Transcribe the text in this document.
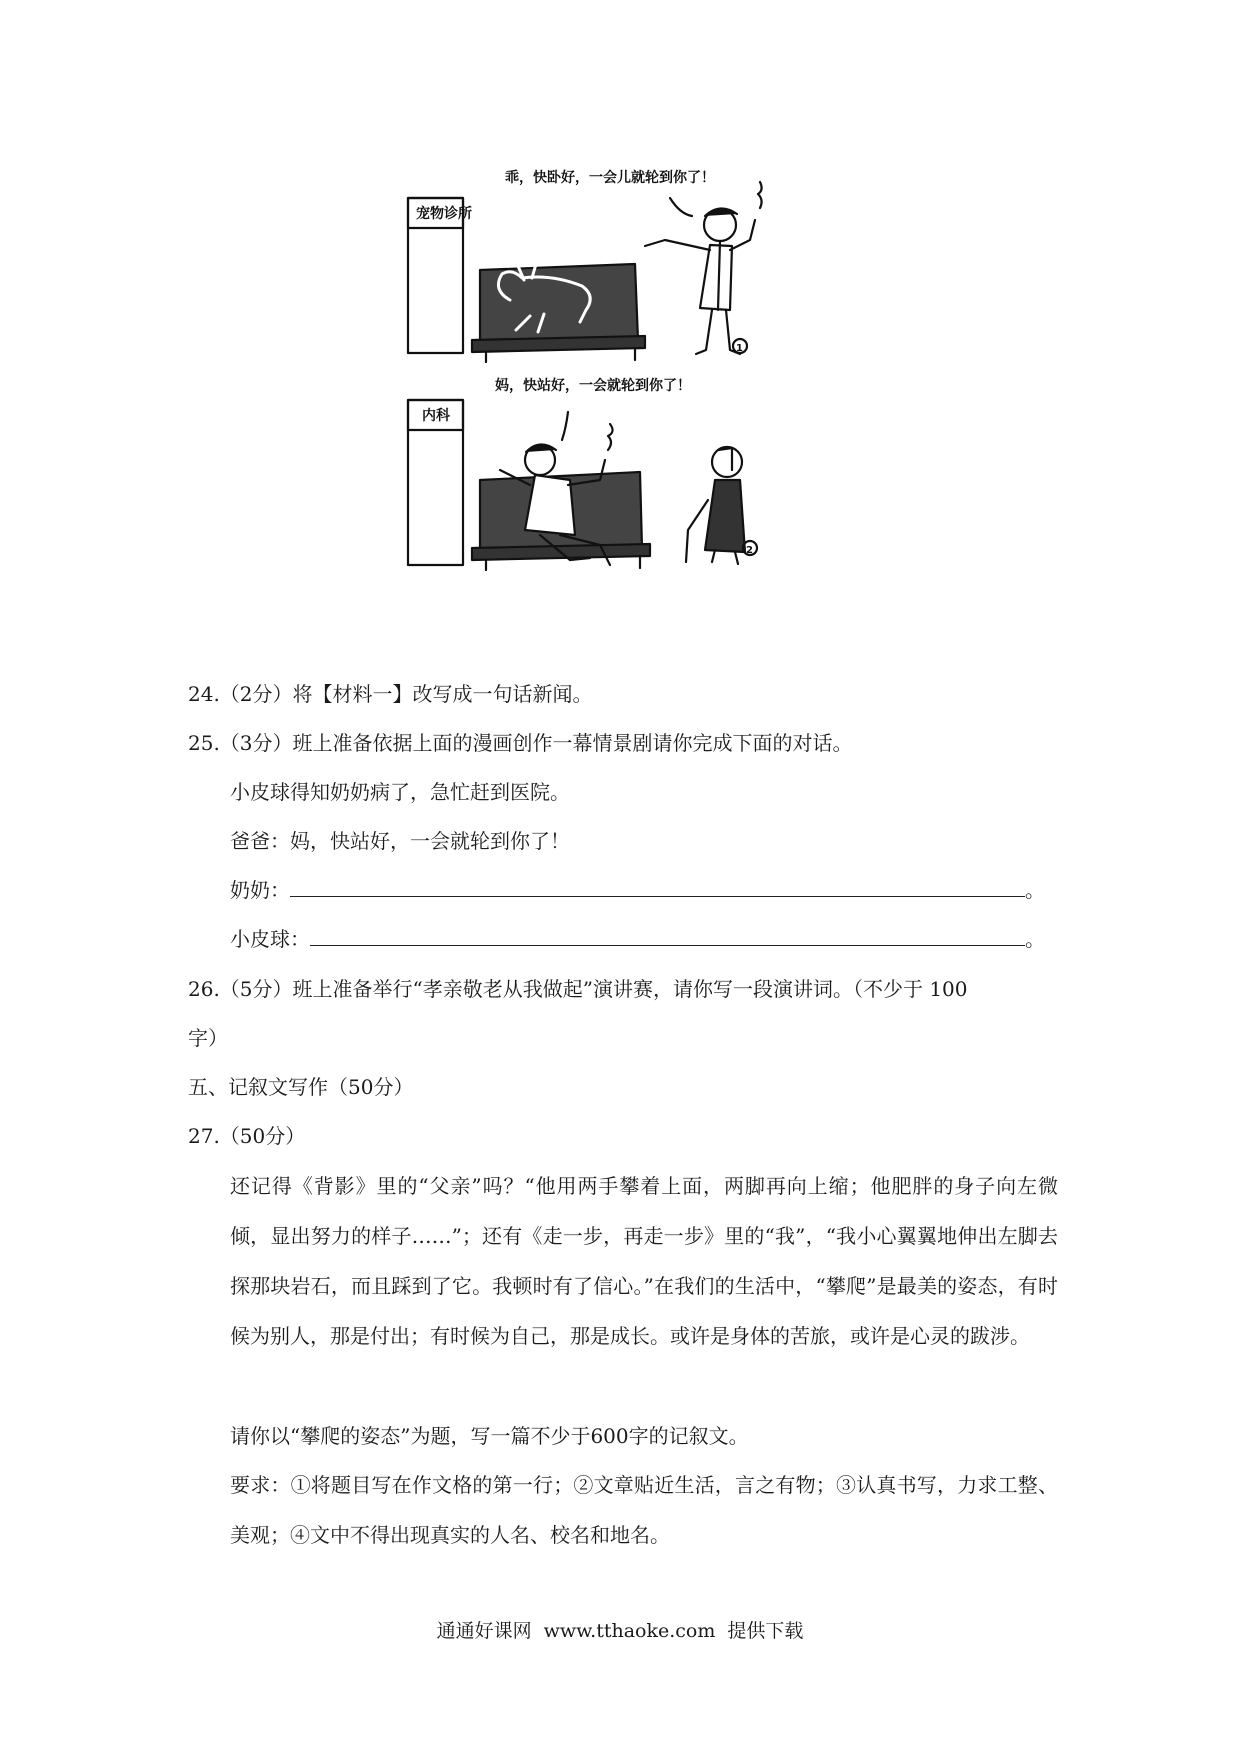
宠物诊所
乖，快卧好，一会儿就轮到你了！
1
内科
妈，快站好，一会就轮到你了！
2
24.（2分）将【材料一】改写成一句话新闻。
25.（3分）班上准备依据上面的漫画创作一幕情景剧请你完成下面的对话。
小皮球得知奶奶病了，急忙赶到医院。
爸爸：妈，快站好，一会就轮到你了！
奶奶：	。
小皮球：	。
26.（5分）班上准备举行“孝亲敬老从我做起”演讲赛，请你写一段演讲词。（不少于 100
字）
五、记叙文写作（50分）
27.（50分）
还记得《背影》里的“父亲”吗？“他用两手攀着上面，两脚再向上缩；他肥胖的身子向左微倾，显出努力的样子……”；还有《走一步，再走一步》里的“我”，“我小心翼翼地伸出左脚去探那块岩石，而且踩到了它。我顿时有了信心。”在我们的生活中，“攀爬”是最美的姿态，有时候为别人，那是付出；有时候为自己，那是成长。或许是身体的苦旅，或许是心灵的跋涉。
请你以“攀爬的姿态”为题，写一篇不少于600字的记叙文。
要求：①将题目写在作文格的第一行；②文章贴近生活，言之有物；③认真书写，力求工整、美观；④文中不得出现真实的人名、校名和地名。
通通好课网 www.tthaoke.com 提供下载
